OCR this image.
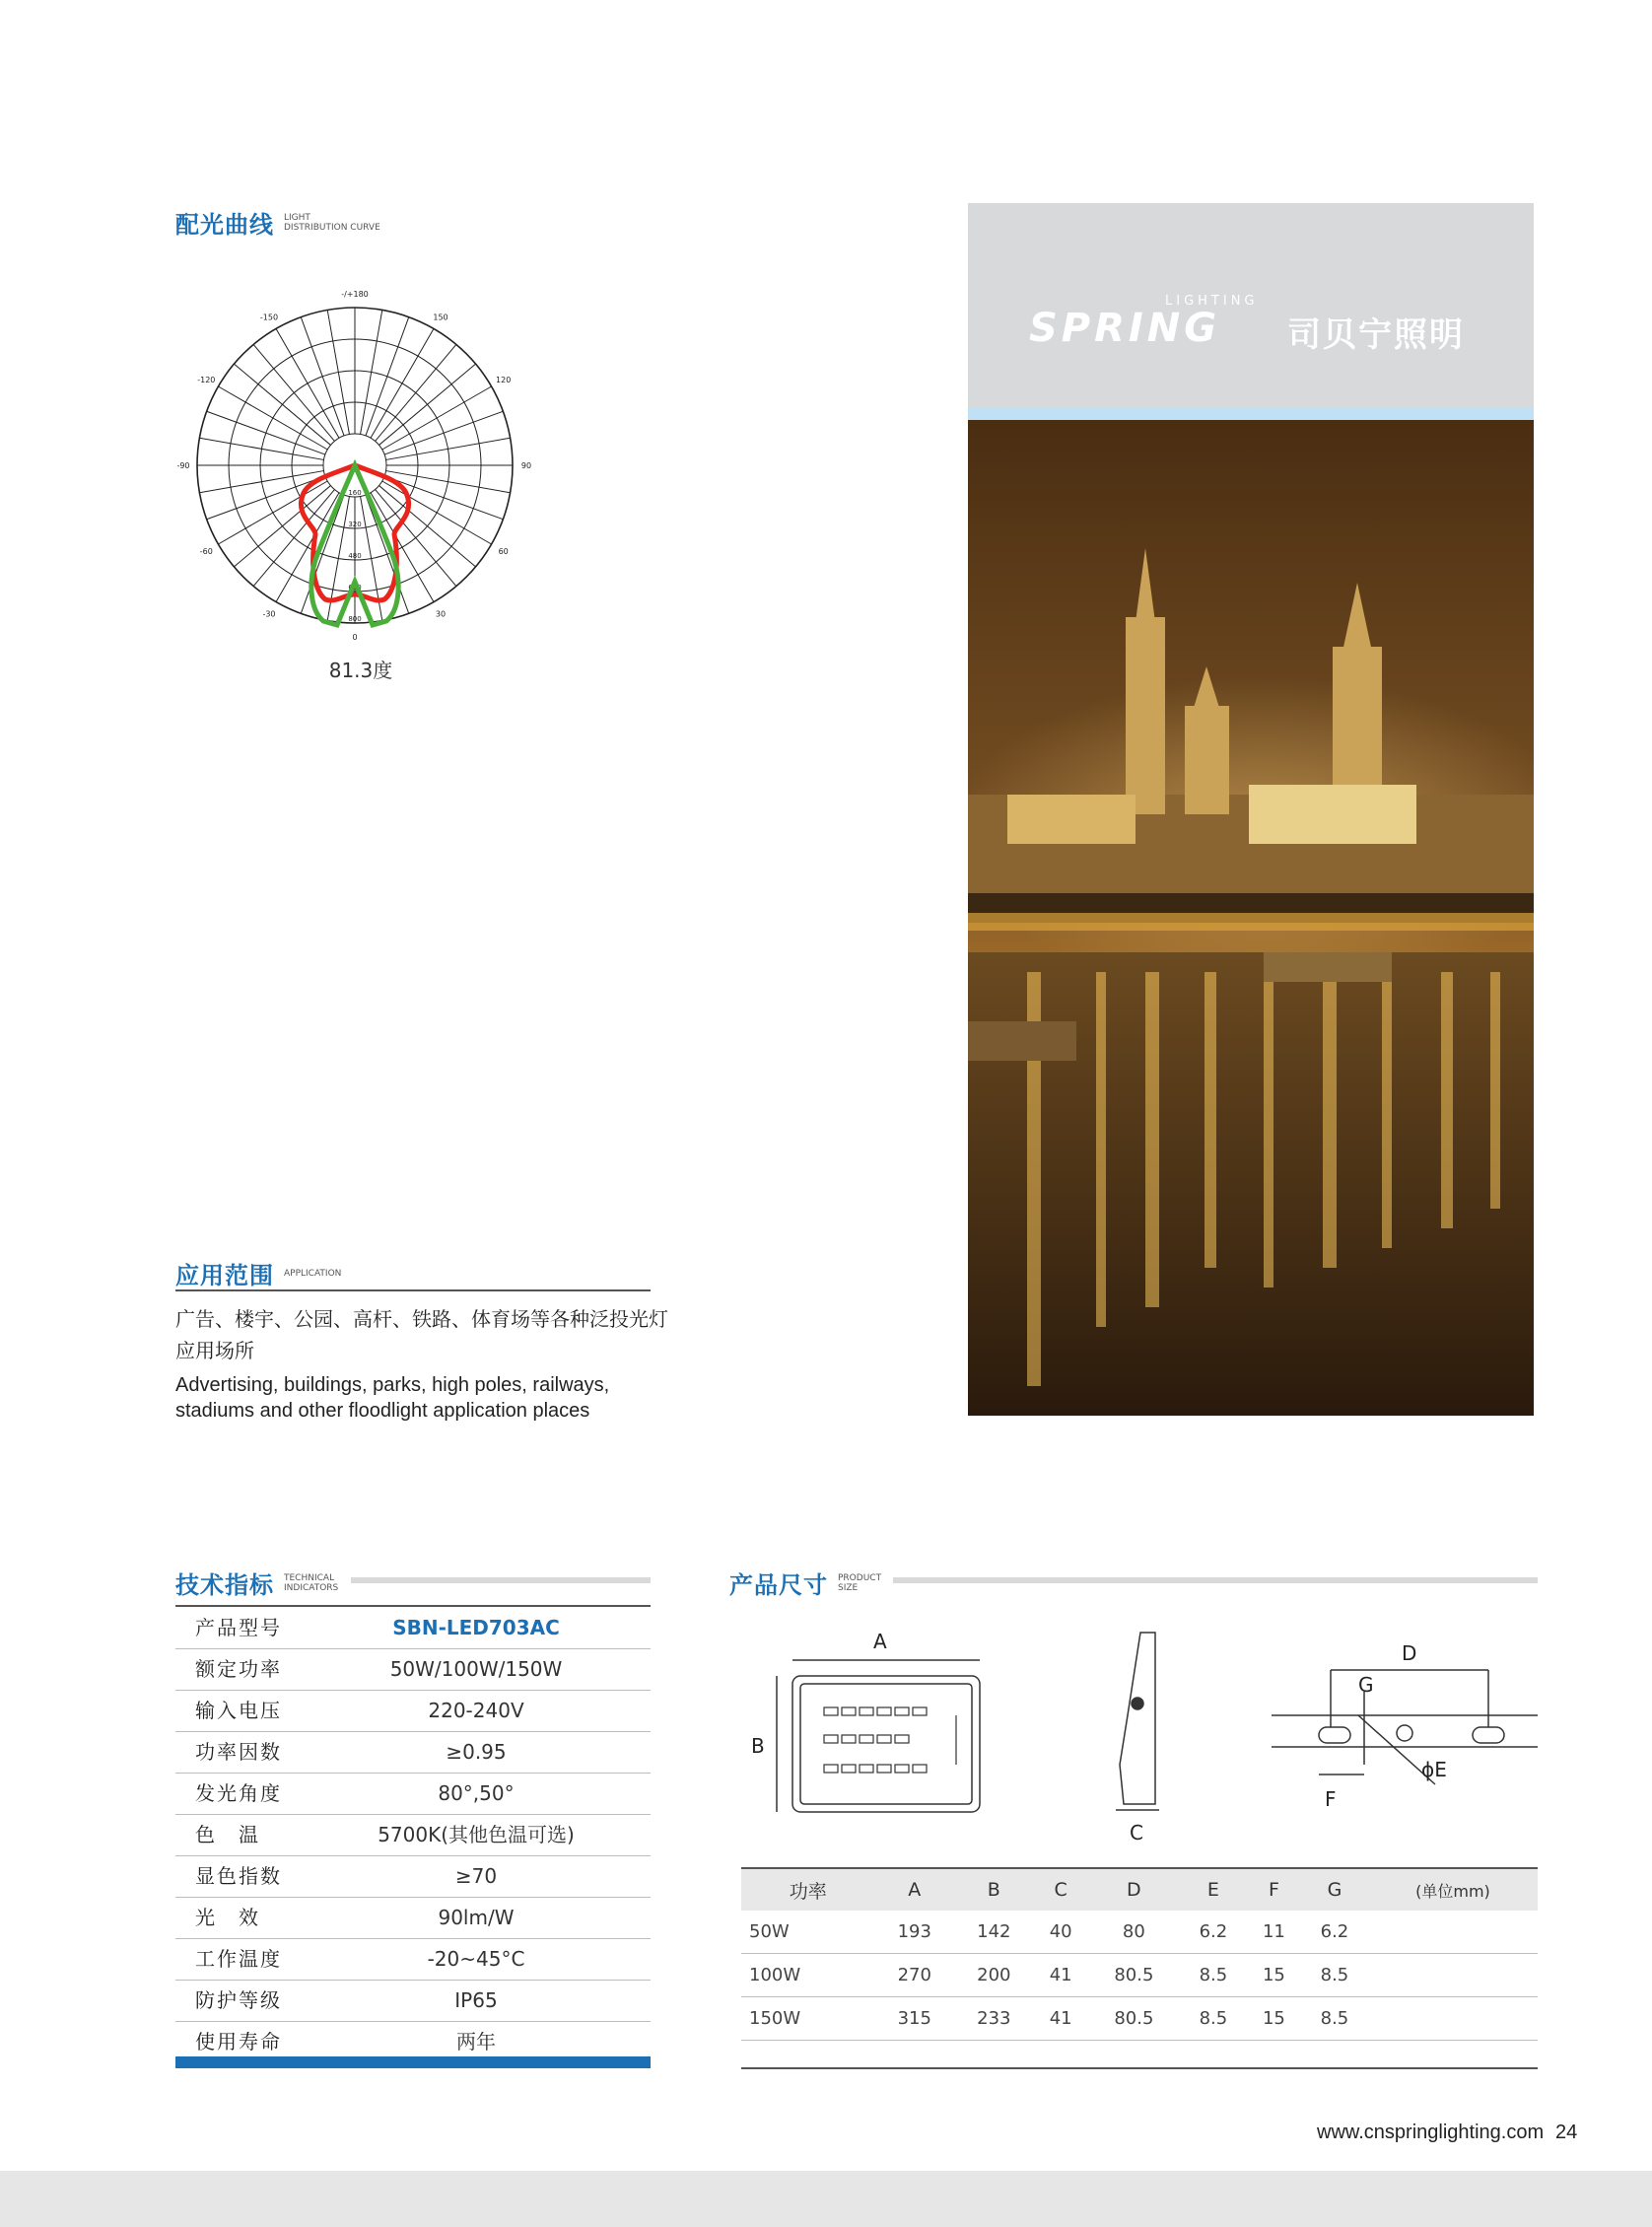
配光曲线 LIGHT
DISTRIBUTION CURVE
-/+180
-150	150
-120	120
-90	90
-60	60
-30	30
0
160
320
480
640
800
81.3度
应用范围 APPLICATION
广告、楼宇、公园、高杆、铁路、体育场等各种泛投光灯
应用场所
Advertising, buildings, parks, high poles, railways,
stadiums and other floodlight application places
LIGHTING
SPRING 司贝宁照明
技术指标 TECHNICAL
INDICATORS
产品型号	SBN-LED703AC
额定功率	50W/100W/150W
输入电压	220-240V
功率因数	≥0.95
发光角度	80°,50°
色　温	5700K(其他色温可选)
显色指数	≥70
光　效	90lm/W
工作温度	-20~45°C
防护等级	IP65
使用寿命	两年
产品尺寸 PRODUCT
SIZE
A
B
C
D
ϕE
F
G
功率	A	B	C	D	E	F	G	(单位mm)
50W	193	142	40	80	6.2	11	6.2	
100W	270	200	41	80.5	8.5	15	8.5	
150W	315	233	41	80.5	8.5	15	8.5	
www.cnspringlighting.com 24
